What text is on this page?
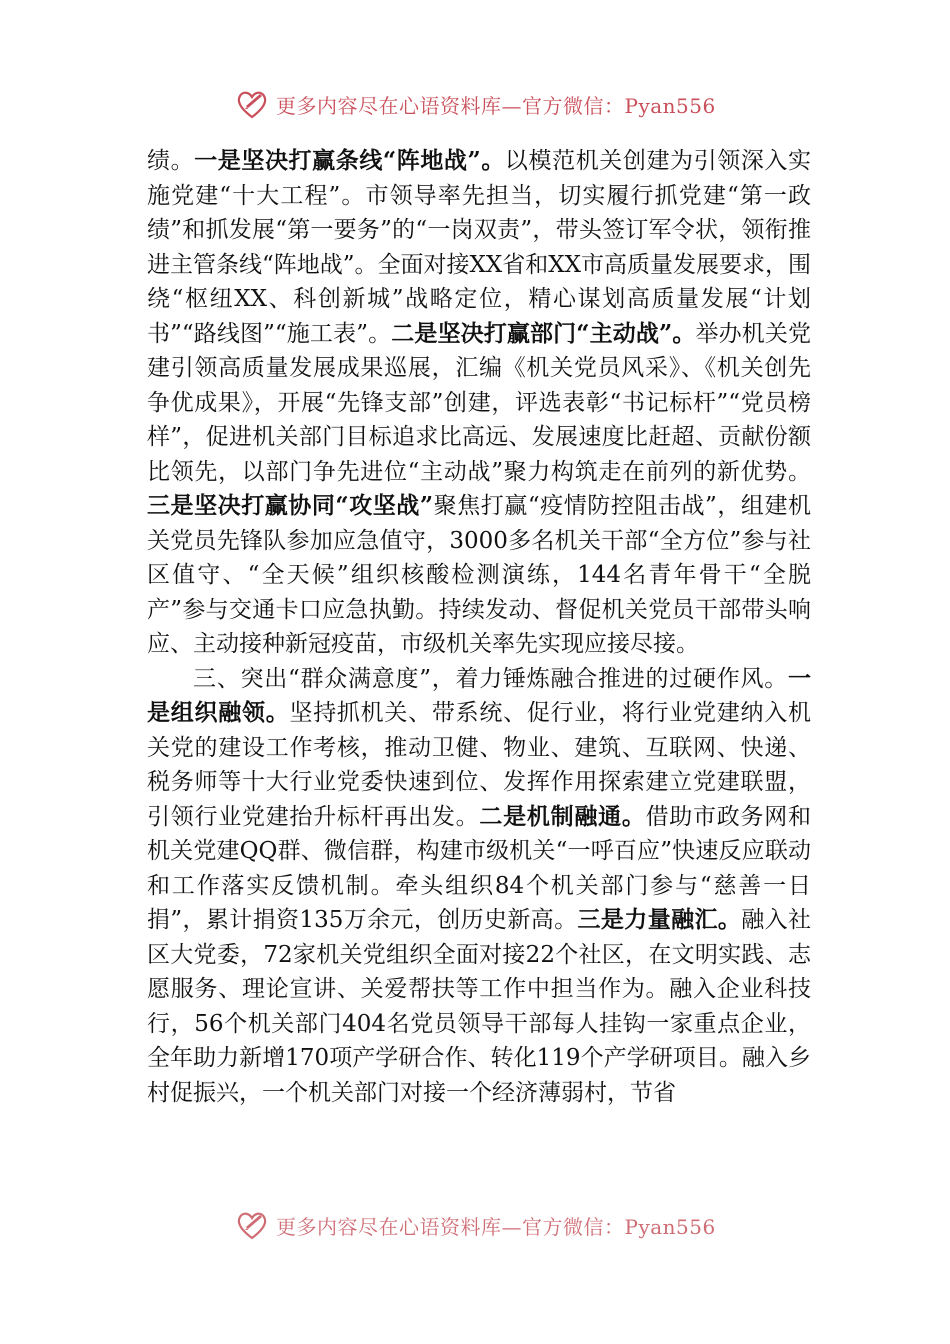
更多内容尽在心语资料库—官方微信：Pyan556

绩。一是坚决打赢条线“阵地战”。以模范机关创建为引领深入实施党建“十大工程”。市领导率先担当，切实履行抓党建“第一政绩”和抓发展“第一要务”的“一岗双责”，带头签订军令状，领衔推进主管条线“阵地战”。全面对接XX省和XX市高质量发展要求，围绕“枢纽XX、科创新城”战略定位，精心谋划高质量发展“计划书”“路线图”“施工表”。二是坚决打赢部门“主动战”。举办机关党建引领高质量发展成果巡展，汇编《机关党员风采》、《机关创先争优成果》，开展“先锋支部”创建，评选表彰“书记标杆”“党员榜样”，促进机关部门目标追求比高远、发展速度比赶超、贡献份额比领先，以部门争先进位“主动战”聚力构筑走在前列的新优势。三是坚决打赢协同“攻坚战”聚焦打赢“疫情防控阻击战”，组建机关党员先锋队参加应急值守，3000多名机关干部“全方位”参与社区值守、“全天候”组织核酸检测演练，144名青年骨干“全脱产”参与交通卡口应急执勤。持续发动、督促机关党员干部带头响应、主动接种新冠疫苗，市级机关率先实现应接尽接。

三、突出“群众满意度”，着力锤炼融合推进的过硬作风。一是组织融领。坚持抓机关、带系统、促行业，将行业党建纳入机关党的建设工作考核，推动卫健、物业、建筑、互联网、快递、税务师等十大行业党委快速到位、发挥作用探索建立党建联盟，引领行业党建抬升标杆再出发。二是机制融通。借助市政务网和机关党建QQ群、微信群，构建市级机关“一呼百应”快速反应联动和工作落实反馈机制。牵头组织84个机关部门参与“慈善一日捐”，累计捐资135万余元，创历史新高。三是力量融汇。融入社区大党委，72家机关党组织全面对接22个社区，在文明实践、志愿服务、理论宣讲、关爱帮扶等工作中担当作为。融入企业科技行，56个机关部门404名党员领导干部每人挂钩一家重点企业，全年助力新增170项产学研合作、转化119个产学研项目。融入乡村促振兴，一个机关部门对接一个经济薄弱村，节省

更多内容尽在心语资料库—官方微信：Pyan556
